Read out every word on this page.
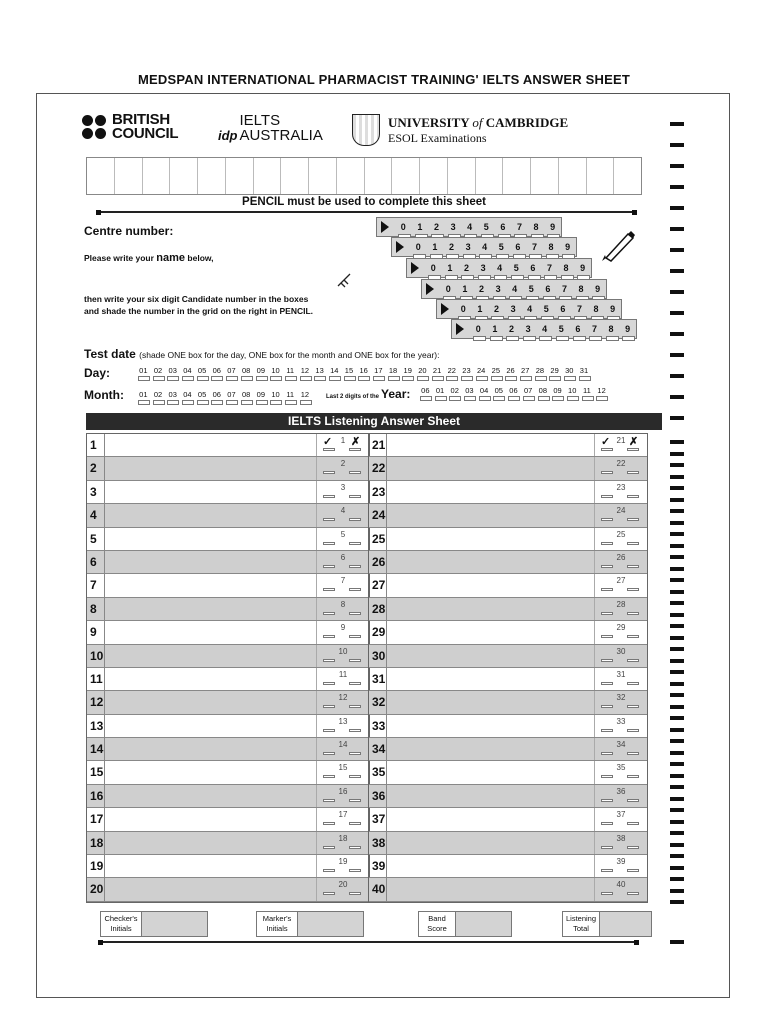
MEDSPAN INTERNATIONAL PHARMACIST TRAINING' IELTS ANSWER SHEET
BRITISH
COUNCIL	idp
IELTS
AUSTRALIA
UNIVERSITY of CAMBRIDGE
ESOL Examinations
PENCIL must be used to complete this sheet
Centre number:
Please write your name below,
then write your six digit Candidate number in the boxes
and shade the number in the grid on the right in PENCIL.
0	1	2	3	4	5	6	7	8	9
0	1	2	3	4	5	6	7	8	9
0	1	2	3	4	5	6	7	8	9
0	1	2	3	4	5	6	7	8	9
0	1	2	3	4	5	6	7	8	9
0	1	2	3	4	5	6	7	8	9
Test date (shade ONE box for the day, ONE box for the month and ONE box for the year):
Day:	01 02 03 04 05 06 07 08 09 10 11 12 13 14 15 16 17 18 19 20 21 22 23 24 25 26 27 28 29 30 31
Month:	01 02 03 04 05 06 07 08 09 10 11 12	Last 2 digits of the Year:	06 01 02 03 04 05 06 07 08 09 10 11 12
IELTS Listening Answer Sheet
1	1
✓ ✗
2	2
3	3
4	4
5	5
6	6
7	7
8	8
9	9
10	10
11	11
12	12
13	13
14	14
15	15
16	16
17	17
18	18
19	19
20	20
21	21
✓ ✗
22	22
23	23
24	24
25	25
26	26
27	27
28	28
29	29
30	30
31	31
32	32
33	33
34	34
35	35
36	36
37	37
38	38
39	39
40	40
Checker's Initials
Marker's Initials
Band Score
Listening Total
